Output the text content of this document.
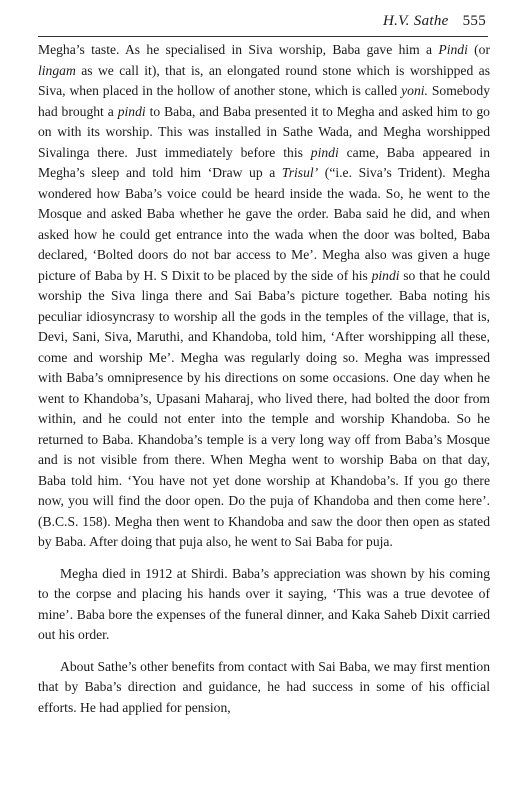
H.V. Sathe 555

Megha’s taste. As he specialised in Siva worship, Baba gave him a Pindi (or lingam as we call it), that is, an elongated round stone which is worshipped as Siva, when placed in the hollow of another stone, which is called yoni. Somebody had brought a pindi to Baba, and Baba presented it to Megha and asked him to go on with its worship. This was installed in Sathe Wada, and Megha worshipped Sivalinga there. Just immediately before this pindi came, Baba appeared in Megha’s sleep and told him ‘Draw up a Trisul’ (“i.e. Siva’s Trident). Megha wondered how Baba’s voice could be heard inside the wada. So, he went to the Mosque and asked Baba whether he gave the order. Baba said he did, and when asked how he could get entrance into the wada when the door was bolted, Baba declared, ‘Bolted doors do not bar access to Me’. Megha also was given a huge picture of Baba by H. S Dixit to be placed by the side of his pindi so that he could worship the Siva linga there and Sai Baba’s picture together. Baba noting his peculiar idiosyncrasy to worship all the gods in the temples of the village, that is, Devi, Sani, Siva, Maruthi, and Khandoba, told him, ‘After worshipping all these, come and worship Me’. Megha was regularly doing so. Megha was impressed with Baba’s omnipresence by his directions on some occasions. One day when he went to Khandoba’s, Upasani Maharaj, who lived there, had bolted the door from within, and he could not enter into the temple and worship Khandoba. So he returned to Baba. Khandoba’s temple is a very long way off from Baba’s Mosque and is not visible from there. When Megha went to worship Baba on that day, Baba told him. ‘You have not yet done worship at Khandoba’s. If you go there now, you will find the door open. Do the puja of Khandoba and then come here’. (B.C.S. 158). Megha then went to Khandoba and saw the door then open as stated by Baba. After doing that puja also, he went to Sai Baba for puja.

Megha died in 1912 at Shirdi. Baba’s appreciation was shown by his coming to the corpse and placing his hands over it saying, ‘This was a true devotee of mine’. Baba bore the expenses of the funeral dinner, and Kaka Saheb Dixit carried out his order.

About Sathe’s other benefits from contact with Sai Baba, we may first mention that by Baba’s direction and guidance, he had success in some of his official efforts. He had applied for pension,
